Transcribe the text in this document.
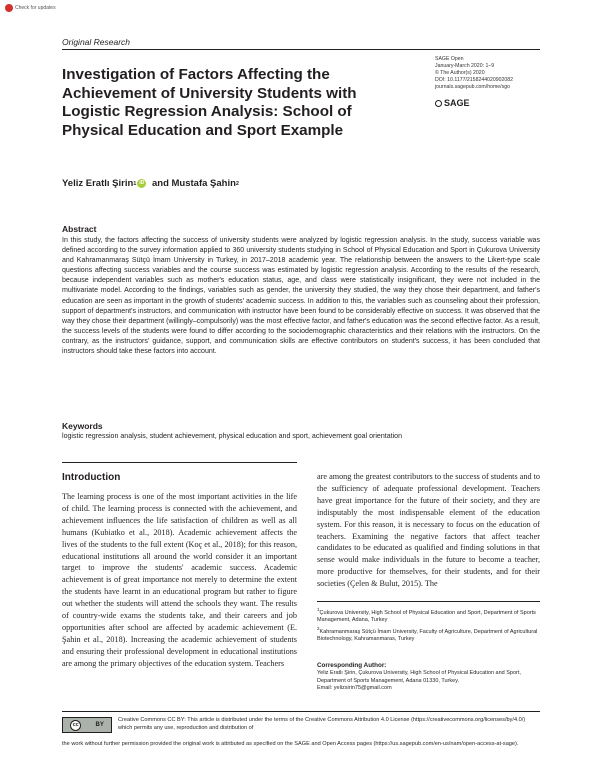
Check for updates
Original Research
Investigation of Factors Affecting the Achievement of University Students with Logistic Regression Analysis: School of Physical Education and Sport Example
SAGE Open
January-March 2020: 1–9
© The Author(s) 2020
DOI: 10.1177/2158244020902082
journals.sagepub.com/home/sgo
SAGE
Yeliz Eratlı Şirin 1 iD and Mustafa Şahin 2
Abstract
In this study, the factors affecting the success of university students were analyzed by logistic regression analysis. In the study, success variable was defined according to the survey information applied to 360 university students studying in School of Physical Education and Sport in Çukurova University and Kahramanmaraş Sütçü İmam University in Turkey, in 2017–2018 academic year. The relationship between the answers to the Likert-type scale questions affecting success variables and the course success was estimated by logistic regression analysis. According to the results of the research, because independent variables such as mother's education status, age, and class were statistically insignificant, they were not included in the multivariate model. According to the findings, variables such as gender, the university they studied, the way they chose their department, and father's education are seen as important in the growth of students' academic success. In addition to this, the variables such as counseling about their profession, support of department's instructors, and communication with instructor have been found to be considerably effective on success. It was observed that the way they chose their department (willingly–compulsorily) was the most effective factor, and father's education was the second effective factor. As a result, the success levels of the students were found to differ according to the sociodemographic characteristics and their relations with the instructors. On the contrary, as the instructors' guidance, support, and communication skills are effective contributors on student's success, it has been concluded that instructors should take these factors into account.
Keywords
logistic regression analysis, student achievement, physical education and sport, achievement goal orientation
Introduction
The learning process is one of the most important activities in the life of child. The learning process is connected with the achievement, and achievement influences the life satisfaction of children as well as all humans (Kubiatko et al., 2018). Academic achievement affects the lives of the students to the full extent (Koç et al., 2018); for this reason, educational institutions all around the world consider it an important target to improve the students' academic success. Academic achievement is of great importance not merely to determine the extent the students have learnt in an educational program but rather to figure out whether the students will attend the schools they want. The results of country-wide exams the students take, and their careers and job opportunities after school are affected by academic achievement (E. Şahin et al., 2018). Increasing the academic achievement of students and ensuring their professional development in educational institutions are among the primary objectives of the education system. Teachers
are among the greatest contributors to the success of students and to the sufficiency of adequate professional development. Teachers have great importance for the future of their society, and they are indisputably the most indispensable element of the education system. For this reason, it is necessary to focus on the education of teachers. Examining the negative factors that affect teacher candidates to be educated as qualified and finding solutions in that sense would make individuals in the future to become a teacher, more productive for themselves, for their students, and for their societies (Çelen & Bulut, 2015). The
$^1$Çukurova University, High School of Physical Education and Sport, Department of Sports Management, Adana, Turkey
$^2$Kahramanmaraş Sütçü İmam University, Faculty of Agriculture, Department of Agricultural Biotechnology, Kahramanmaras, Turkey
Corresponding Author:
Yeliz Eratlı Şirin, Çukurova University, High School of Physical Education and Sport, Department of Sports Management, Adana 01330, Turkey.
Email: yelizsirin75@gmail.com
cc	BY
Creative Commons CC BY: This article is distributed under the terms of the Creative Commons Attribution 4.0 License (https://creativecommons.org/licenses/by/4.0/) which permits any use, reproduction and distribution of
the work without further permission provided the original work is attributed as specified on the SAGE and Open Access pages (https://us.sagepub.com/en-us/nam/open-access-at-sage).
